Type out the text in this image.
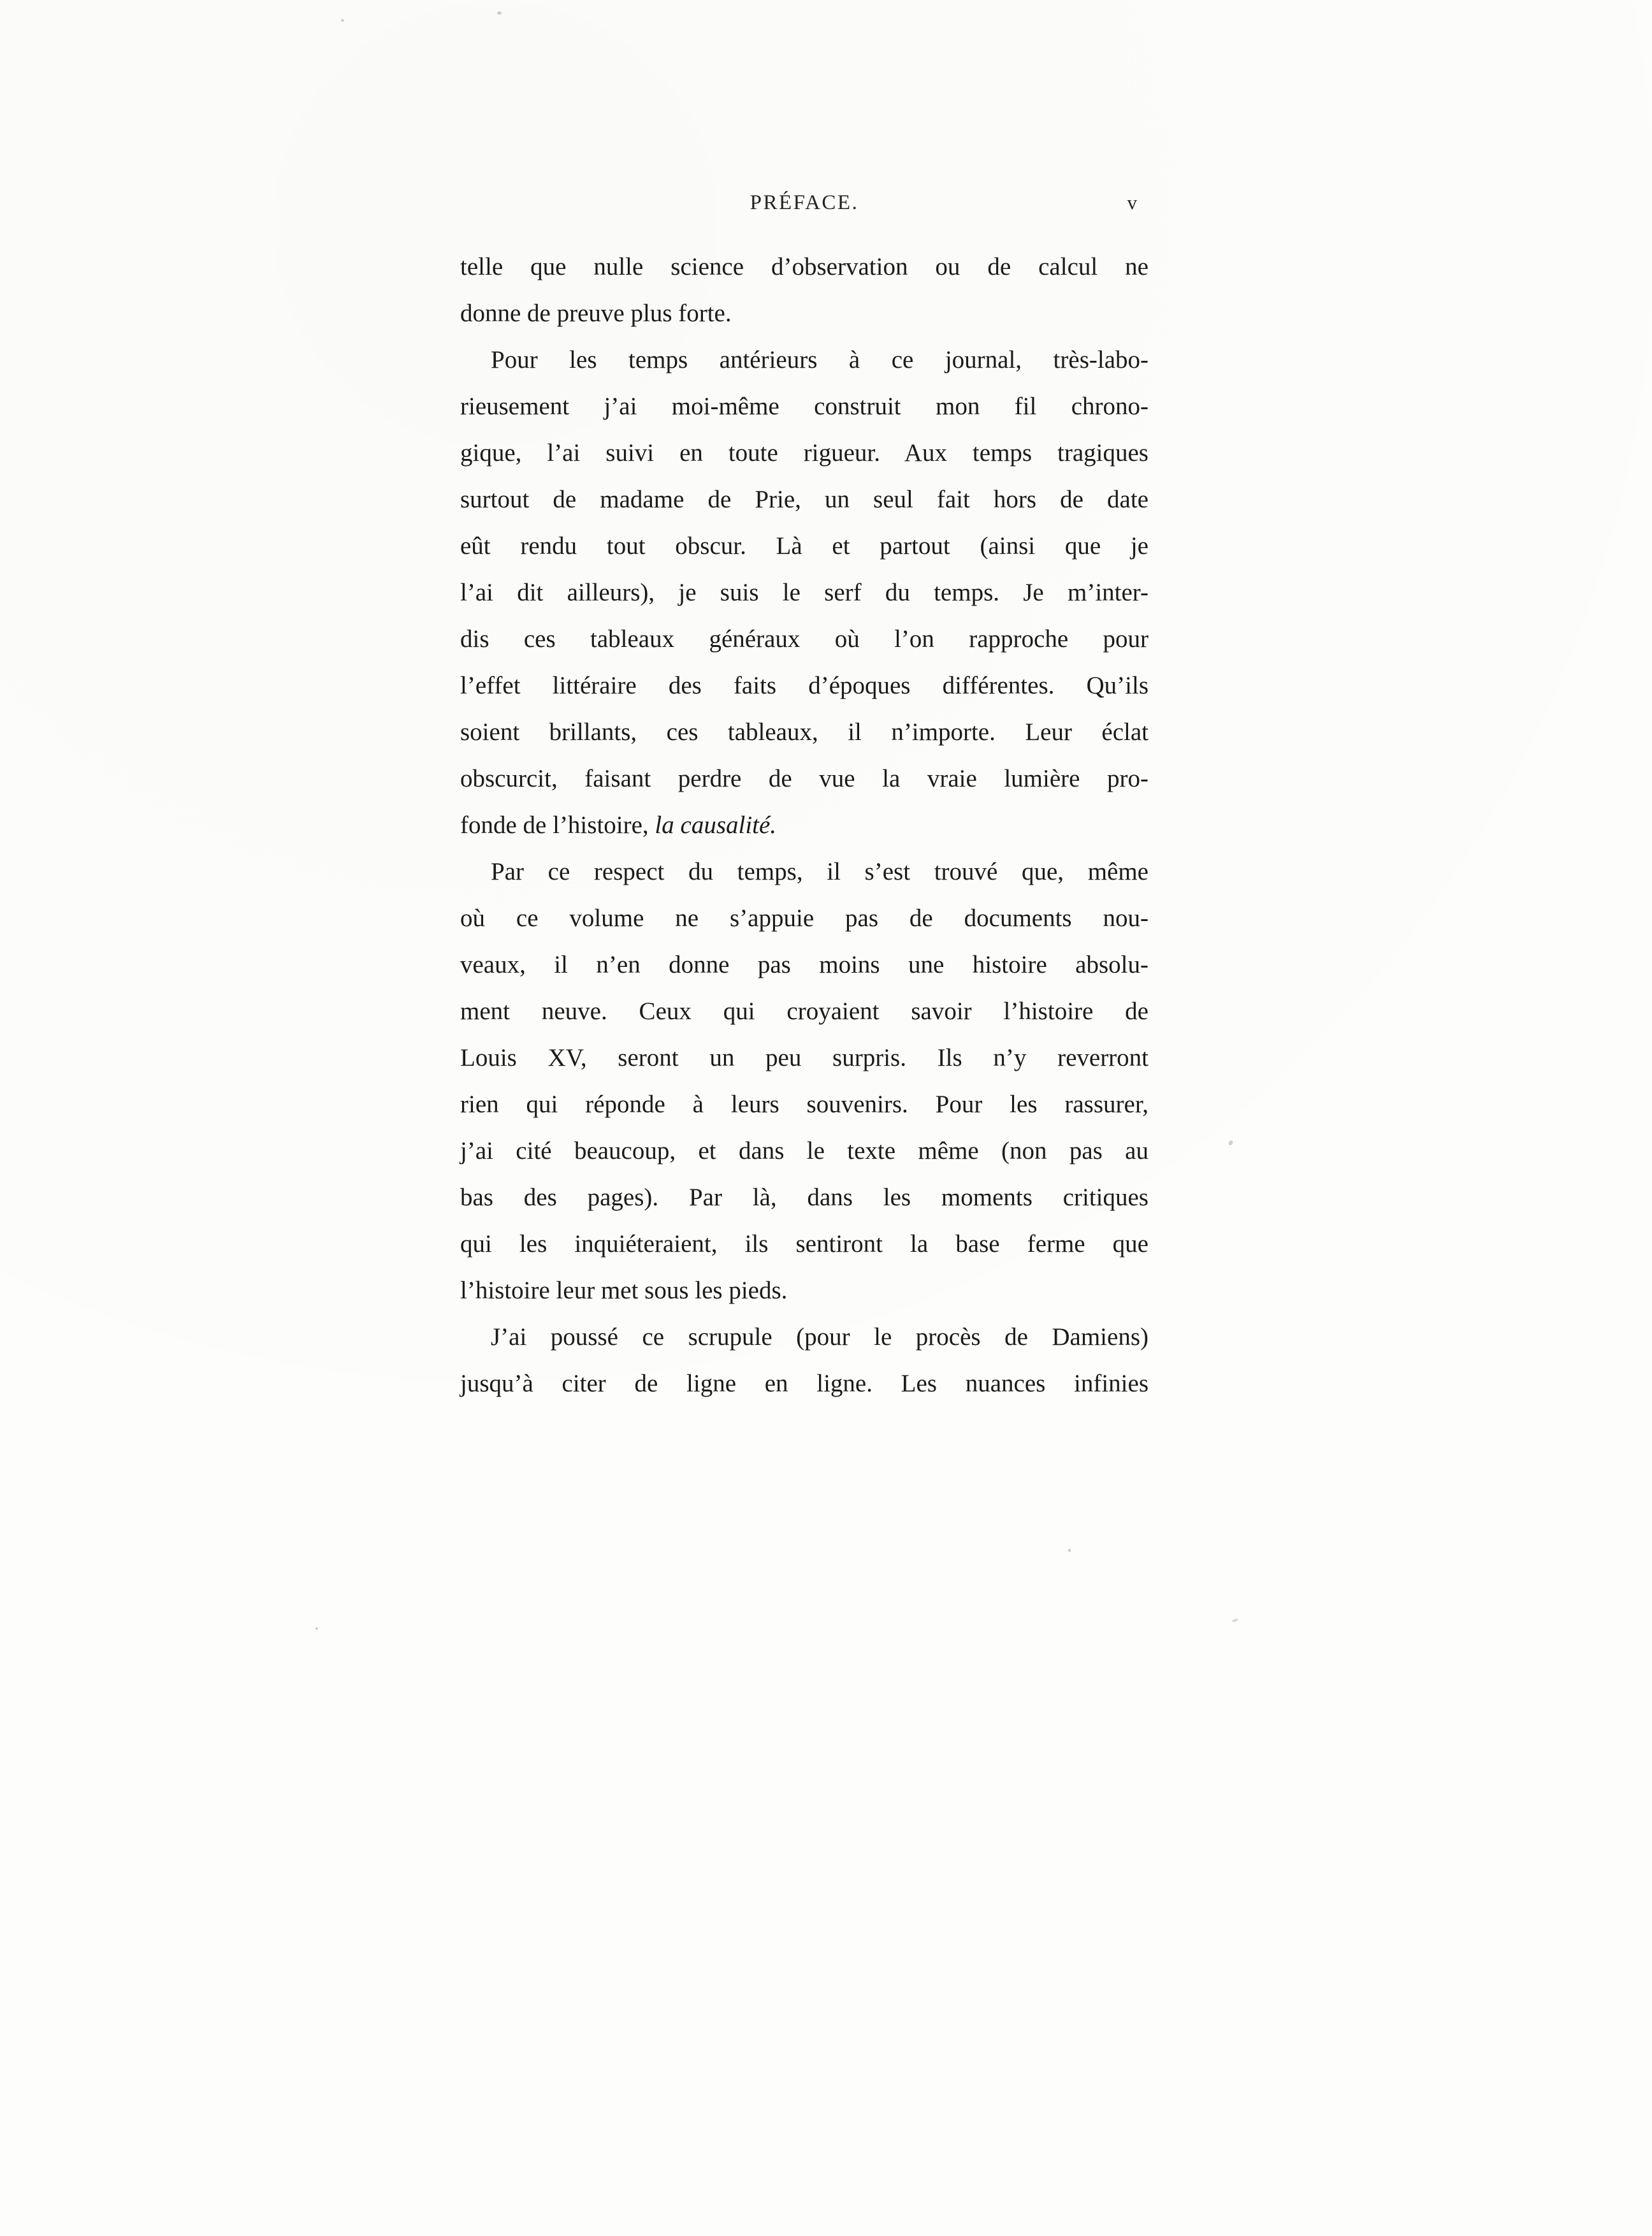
PRÉFACE.	v
telle que nulle science d’observation ou de calcul ne
donne de preuve plus forte.
Pour les temps antérieurs à ce journal, très-labo-
rieusement j’ai moi-même construit mon fil chrono-
gique, l’ai suivi en toute rigueur. Aux temps tragiques
surtout de madame de Prie, un seul fait hors de date
eût rendu tout obscur. Là et partout (ainsi que je
l’ai dit ailleurs), je suis le serf du temps. Je m’inter-
dis ces tableaux généraux où l’on rapproche pour
l’effet littéraire des faits d’époques différentes. Qu’ils
soient brillants, ces tableaux, il n’importe. Leur éclat
obscurcit, faisant perdre de vue la vraie lumière pro-
fonde de l’histoire, la causalité.
Par ce respect du temps, il s’est trouvé que, même
où ce volume ne s’appuie pas de documents nou-
veaux, il n’en donne pas moins une histoire absolu-
ment neuve. Ceux qui croyaient savoir l’histoire de
Louis XV, seront un peu surpris. Ils n’y reverront
rien qui réponde à leurs souvenirs. Pour les rassurer,
j’ai cité beaucoup, et dans le texte même (non pas au
bas des pages). Par là, dans les moments critiques
qui les inquiéteraient, ils sentiront la base ferme que
l’histoire leur met sous les pieds.
J’ai poussé ce scrupule (pour le procès de Damiens)
jusqu’à citer de ligne en ligne. Les nuances infinies
